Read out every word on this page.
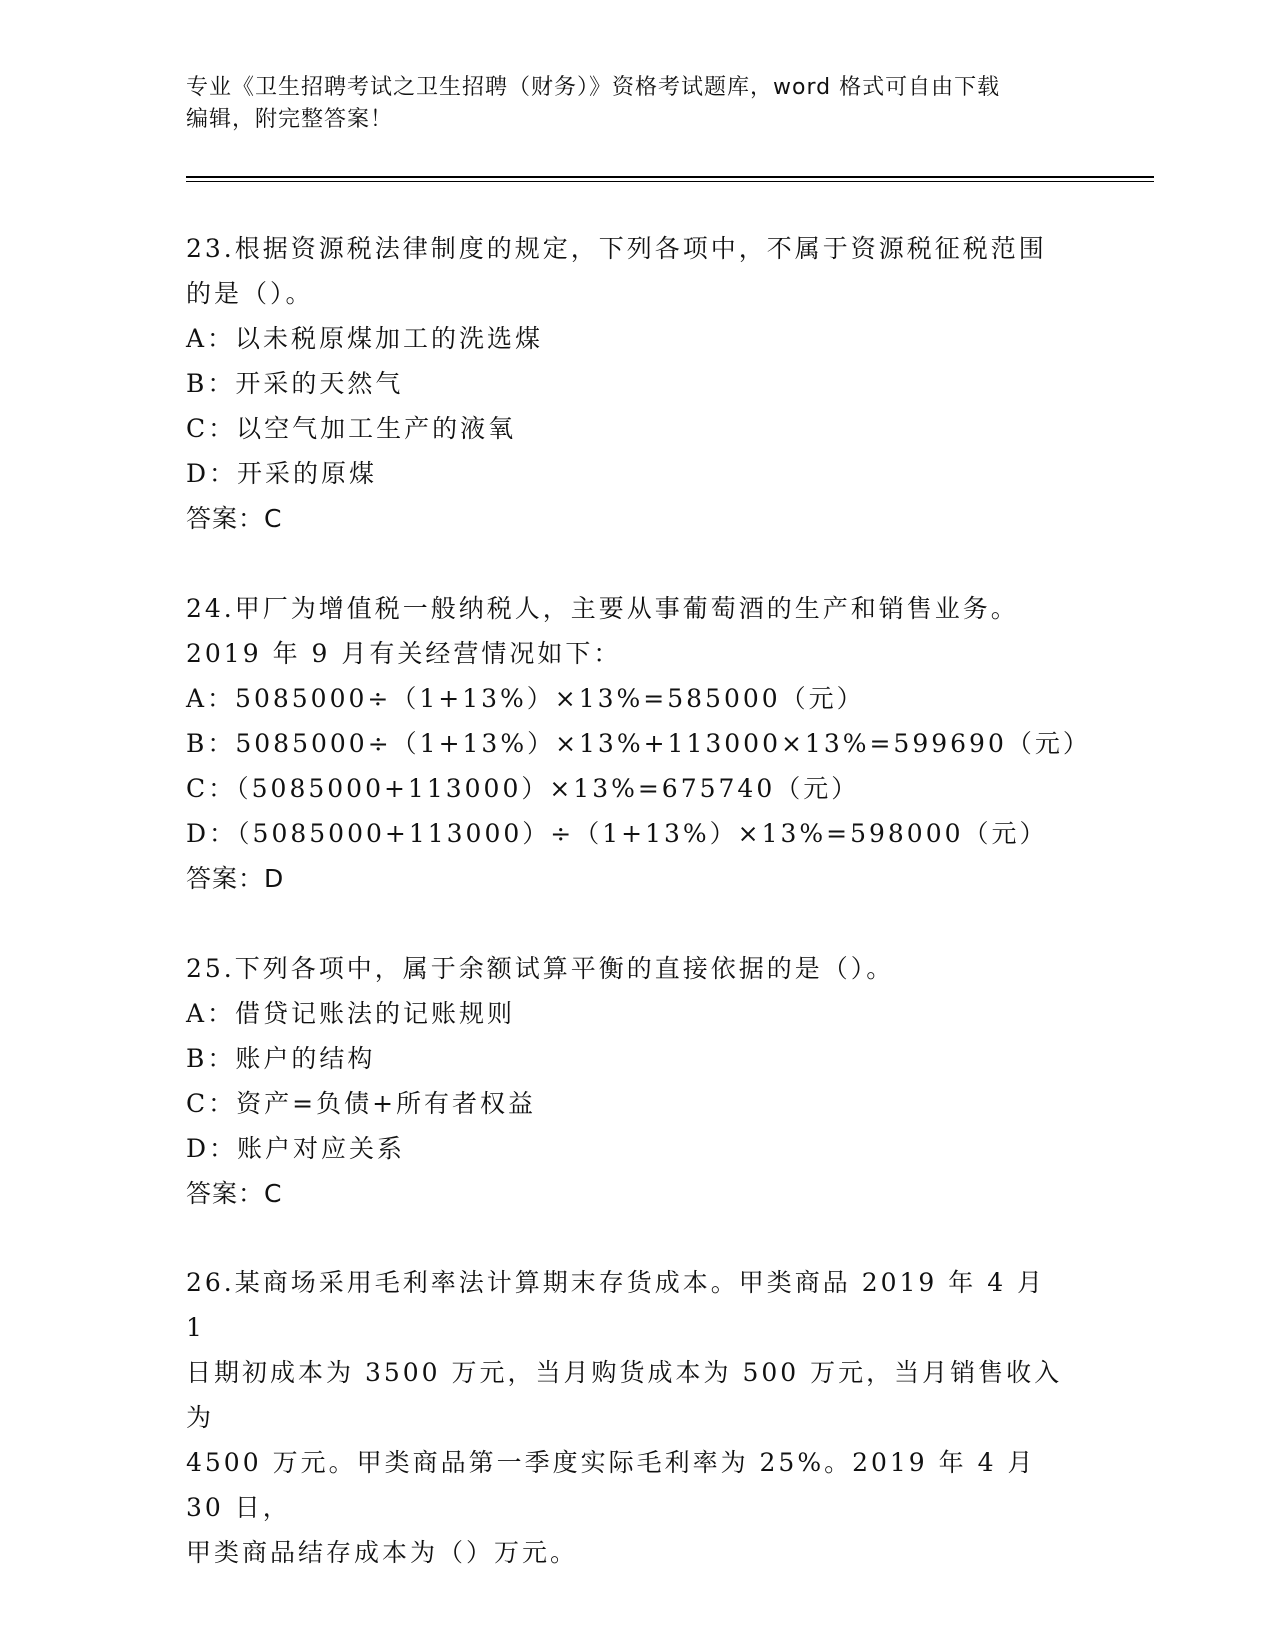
专业《卫生招聘考试之卫生招聘（财务）》资格考试题库，word 格式可自由下载
编辑，附完整答案！
23.根据资源税法律制度的规定，下列各项中，不属于资源税征税范围
的是（）。
A：以未税原煤加工的洗选煤
B：开采的天然气
C：以空气加工生产的液氧
D：开采的原煤
答案：C
24.甲厂为增值税一般纳税人，主要从事葡萄酒的生产和销售业务。
2019 年 9 月有关经营情况如下：
A：5085000÷（1+13%）×13%=585000（元）
B：5085000÷（1+13%）×13%+113000×13%=599690（元）
C：（5085000+113000）×13%=675740（元）
D：（5085000+113000）÷（1+13%）×13%=598000（元）
答案：D
25.下列各项中，属于余额试算平衡的直接依据的是（）。
A：借贷记账法的记账规则
B：账户的结构
C：资产=负债+所有者权益
D：账户对应关系
答案：C
26.某商场采用毛利率法计算期末存货成本。甲类商品 2019 年 4 月 1
日期初成本为 3500 万元，当月购货成本为 500 万元，当月销售收入为
4500 万元。甲类商品第一季度实际毛利率为 25%。2019 年 4 月 30 日，
甲类商品结存成本为（）万元。
